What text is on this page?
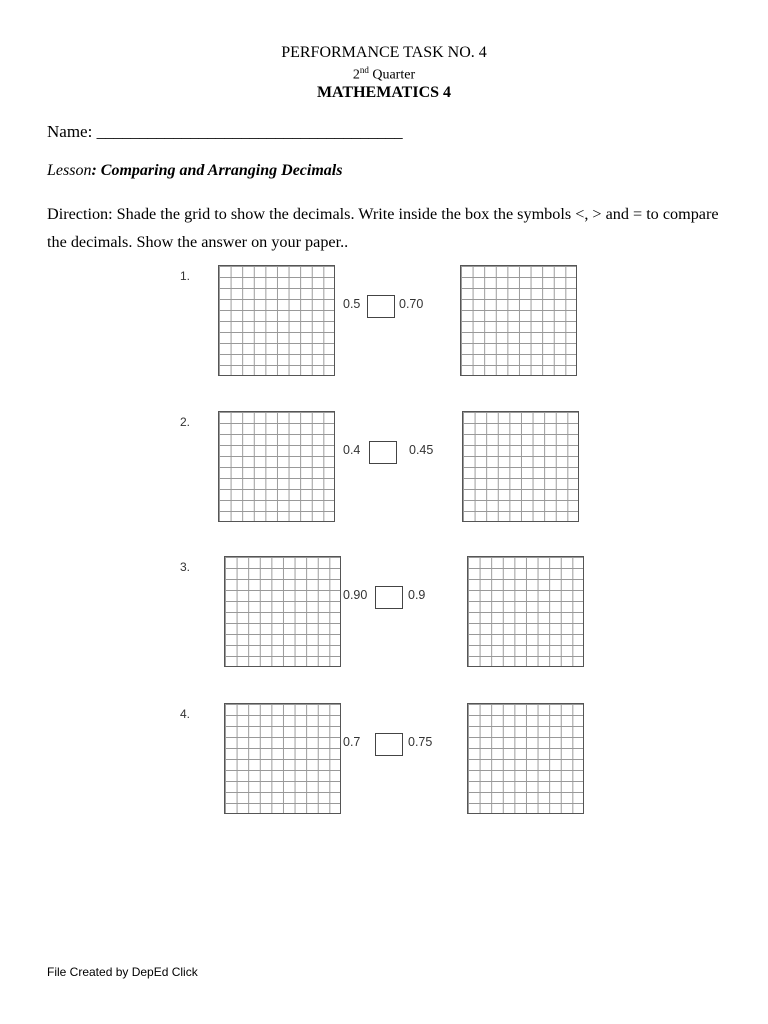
PERFORMANCE TASK NO. 4
2nd Quarter
MATHEMATICS 4
Name: ____________________________________
Lesson: Comparing and Arranging Decimals
Direction: Shade the grid to show the decimals. Write inside the box the symbols <, > and = to compare the decimals. Show the answer on your paper..
1.
0.5	0.70
2.
0.4	0.45
3.
0.90	0.9
4.
0.7	0.75
File Created by DepEd Click
